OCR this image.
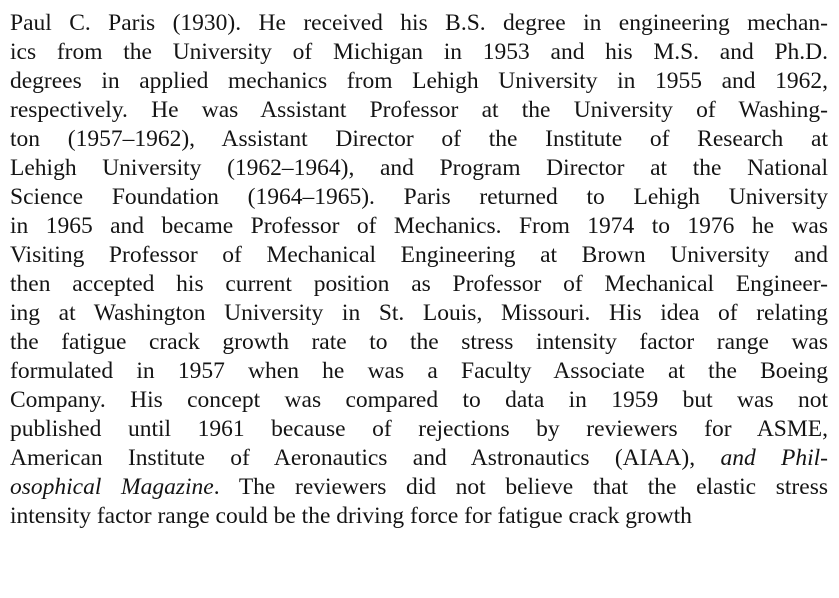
Paul C. Paris (1930). He received his B.S. degree in engineering mechan-
ics from the University of Michigan in 1953 and his M.S. and Ph.D.
degrees in applied mechanics from Lehigh University in 1955 and 1962,
respectively. He was Assistant Professor at the University of Washing-
ton (1957–1962), Assistant Director of the Institute of Research at
Lehigh University (1962–1964), and Program Director at the National
Science Foundation (1964–1965). Paris returned to Lehigh University
in 1965 and became Professor of Mechanics. From 1974 to 1976 he was
Visiting Professor of Mechanical Engineering at Brown University and
then accepted his current position as Professor of Mechanical Engineer-
ing at Washington University in St. Louis, Missouri. His idea of relating
the fatigue crack growth rate to the stress intensity factor range was
formulated in 1957 when he was a Faculty Associate at the Boeing
Company. His concept was compared to data in 1959 but was not
published until 1961 because of rejections by reviewers for ASME,
American Institute of Aeronautics and Astronautics (AIAA), and Phil-
osophical Magazine. The reviewers did not believe that the elastic stress
intensity factor range could be the driving force for fatigue crack growth
